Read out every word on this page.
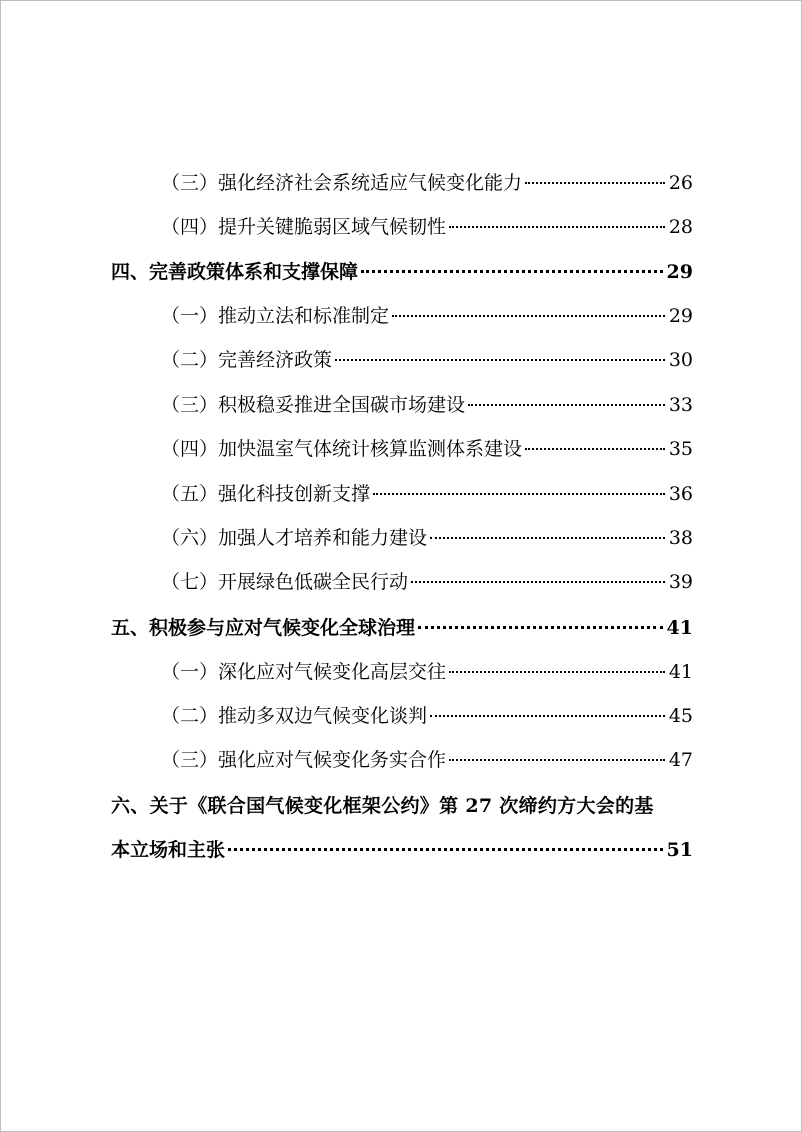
（三）强化经济社会系统适应气候变化能力	26
（四）提升关键脆弱区域气候韧性	28
四、完善政策体系和支撑保障	29
（一）推动立法和标准制定	29
（二）完善经济政策	30
（三）积极稳妥推进全国碳市场建设	33
（四）加快温室气体统计核算监测体系建设	35
（五）强化科技创新支撑	36
（六）加强人才培养和能力建设	38
（七）开展绿色低碳全民行动	39
五、积极参与应对气候变化全球治理	41
（一）深化应对气候变化高层交往	41
（二）推动多双边气候变化谈判	45
（三）强化应对气候变化务实合作	47
六、关于《联合国气候变化框架公约》第 27 次缔约方大会的基
本立场和主张	51
